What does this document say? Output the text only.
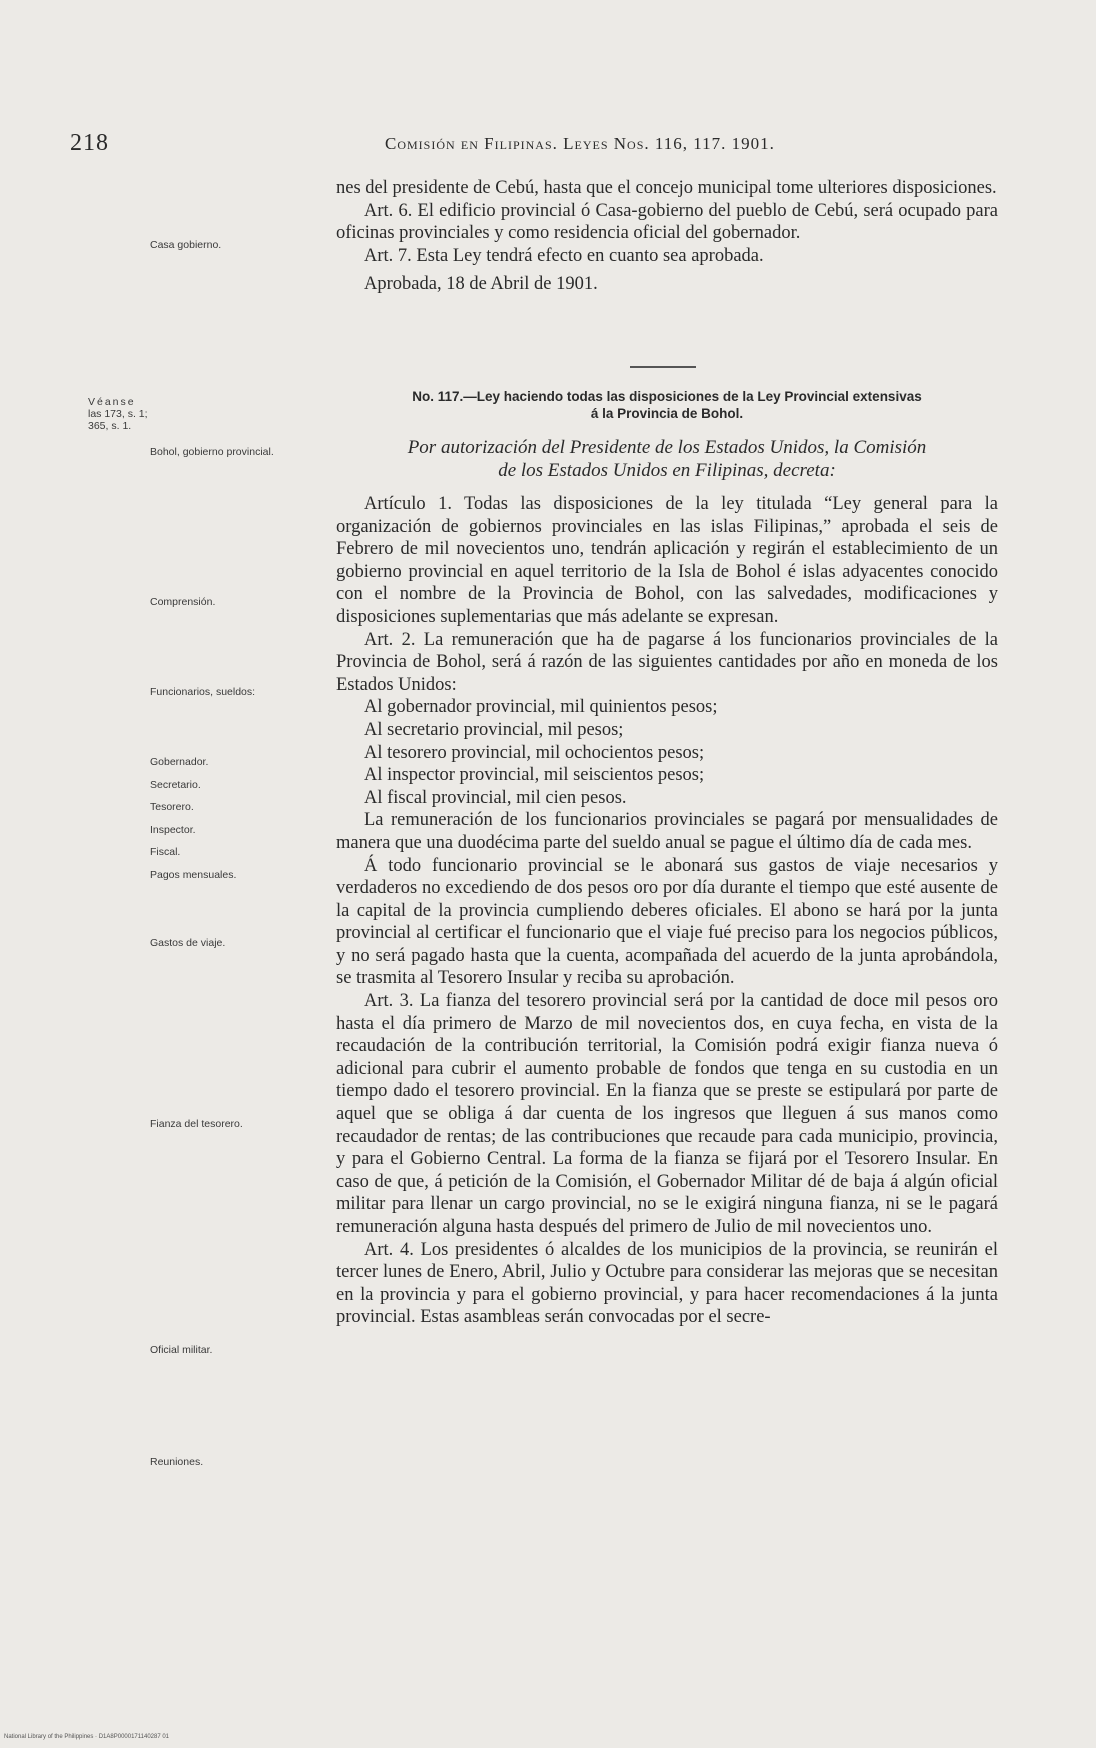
218	Comisión en Filipinas. Leyes Nos. 116, 117. 1901.

nes del presidente de Cebú, hasta que el concejo municipal tome ulteriores disposiciones.

Art. 6. El edificio provincial ó Casa-gobierno del pueblo de Cebú, será ocupado para oficinas provinciales y como residencia oficial del gobernador.

Art. 7. Esta Ley tendrá efecto en cuanto sea aprobada.

Aprobada, 18 de Abril de 1901.

No. 117.—Ley haciendo todas las disposiciones de la Ley Provincial extensivas
á la Provincia de Bohol.
Por autorización del Presidente de los Estados Unidos, la Comisión
de los Estados Unidos en Filipinas, decreta:

Artículo 1. Todas las disposiciones de la ley titulada “Ley general para la organización de gobiernos provinciales en las islas Filipinas,” aprobada el seis de Febrero de mil novecientos uno, tendrán aplicación y regirán el establecimiento de un gobierno provincial en aquel territorio de la Isla de Bohol é islas adyacentes conocido con el nombre de la Provincia de Bohol, con las salvedades, modificaciones y disposiciones suplementarias que más adelante se expresan.

Art. 2. La remuneración que ha de pagarse á los funcionarios provinciales de la Provincia de Bohol, será á razón de las siguientes cantidades por año en moneda de los Estados Unidos:

Al gobernador provincial, mil quinientos pesos;

Al secretario provincial, mil pesos;

Al tesorero provincial, mil ochocientos pesos;

Al inspector provincial, mil seiscientos pesos;

Al fiscal provincial, mil cien pesos.

La remuneración de los funcionarios provinciales se pagará por mensualidades de manera que una duodécima parte del sueldo anual se pague el último día de cada mes.

Á todo funcionario provincial se le abonará sus gastos de viaje necesarios y verdaderos no excediendo de dos pesos oro por día durante el tiempo que esté ausente de la capital de la provincia cumpliendo deberes oficiales. El abono se hará por la junta provincial al certificar el funcionario que el viaje fué preciso para los negocios públicos, y no será pagado hasta que la cuenta, acompañada del acuerdo de la junta aprobándola, se trasmita al Tesorero Insular y reciba su aprobación.

Art. 3. La fianza del tesorero provincial será por la cantidad de doce mil pesos oro hasta el día primero de Marzo de mil novecientos dos, en cuya fecha, en vista de la recaudación de la contribución territorial, la Comisión podrá exigir fianza nueva ó adicional para cubrir el aumento probable de fondos que tenga en su custodia en un tiempo dado el tesorero provincial. En la fianza que se preste se estipulará por parte de aquel que se obliga á dar cuenta de los ingresos que lleguen á sus manos como recaudador de rentas; de las contribuciones que recaude para cada municipio, provincia, y para el Gobierno Central. La forma de la fianza se fijará por el Tesorero Insular. En caso de que, á petición de la Comisión, el Gobernador Militar dé de baja á algún oficial militar para llenar un cargo provincial, no se le exigirá ninguna fianza, ni se le pagará remuneración alguna hasta después del primero de Julio de mil novecientos uno.

Art. 4. Los presidentes ó alcaldes de los municipios de la provincia, se reunirán el tercer lunes de Enero, Abril, Julio y Octubre para considerar las mejoras que se necesitan en la provincia y para el gobierno provincial, y para hacer recomendaciones á la junta provincial. Estas asambleas serán convocadas por el secre-

Véanse
las 173, s. 1;
365, s. 1.
Casa gobierno.
Bohol, gobierno provincial.
Comprensión.
Funcionarios, sueldos:
Gobernador.
Secretario.
Tesorero.
Inspector.
Fiscal.
Pagos mensuales.
Gastos de viaje.
Fianza del tesorero.
Oficial militar.
Reuniones.
National Library of the Philippines · D1A8P0000171140287 01
